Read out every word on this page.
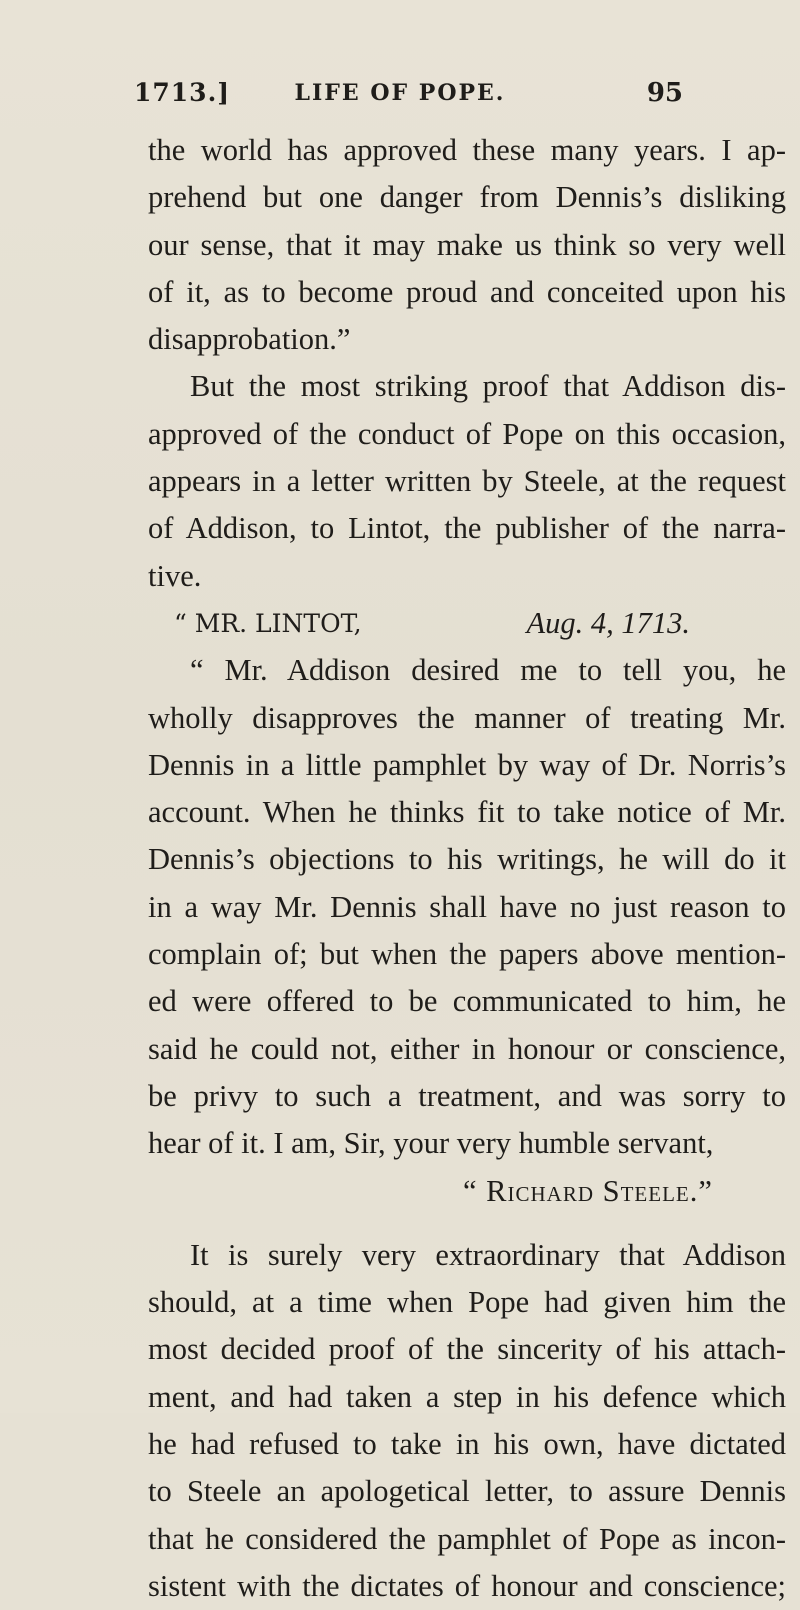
1713.]	LIFE OF POPE.	95
the world has approved these many years. I ap-
prehend but one danger from Dennis’s disliking
our sense, that it may make us think so very well
of it, as to become proud and conceited upon his
disapprobation.”
But the most striking proof that Addison dis-
approved of the conduct of Pope on this occasion,
appears in a letter written by Steele, at the request
of Addison, to Lintot, the publisher of the narra-
tive.
“ MR. LINTOT,	Aug. 4, 1713.
“ Mr. Addison desired me to tell you, he
wholly disapproves the manner of treating Mr.
Dennis in a little pamphlet by way of Dr. Norris’s
account. When he thinks fit to take notice of Mr.
Dennis’s objections to his writings, he will do it
in a way Mr. Dennis shall have no just reason to
complain of; but when the papers above mention-
ed were offered to be communicated to him, he
said he could not, either in honour or conscience,
be privy to such a treatment, and was sorry to
hear of it. I am, Sir, your very humble servant,
“ Richard Steele.”
It is surely very extraordinary that Addison
should, at a time when Pope had given him the
most decided proof of the sincerity of his attach-
ment, and had taken a step in his defence which
he had refused to take in his own, have dictated
to Steele an apologetical letter, to assure Dennis
that he considered the pamphlet of Pope as incon-
sistent with the dictates of honour and conscience;
